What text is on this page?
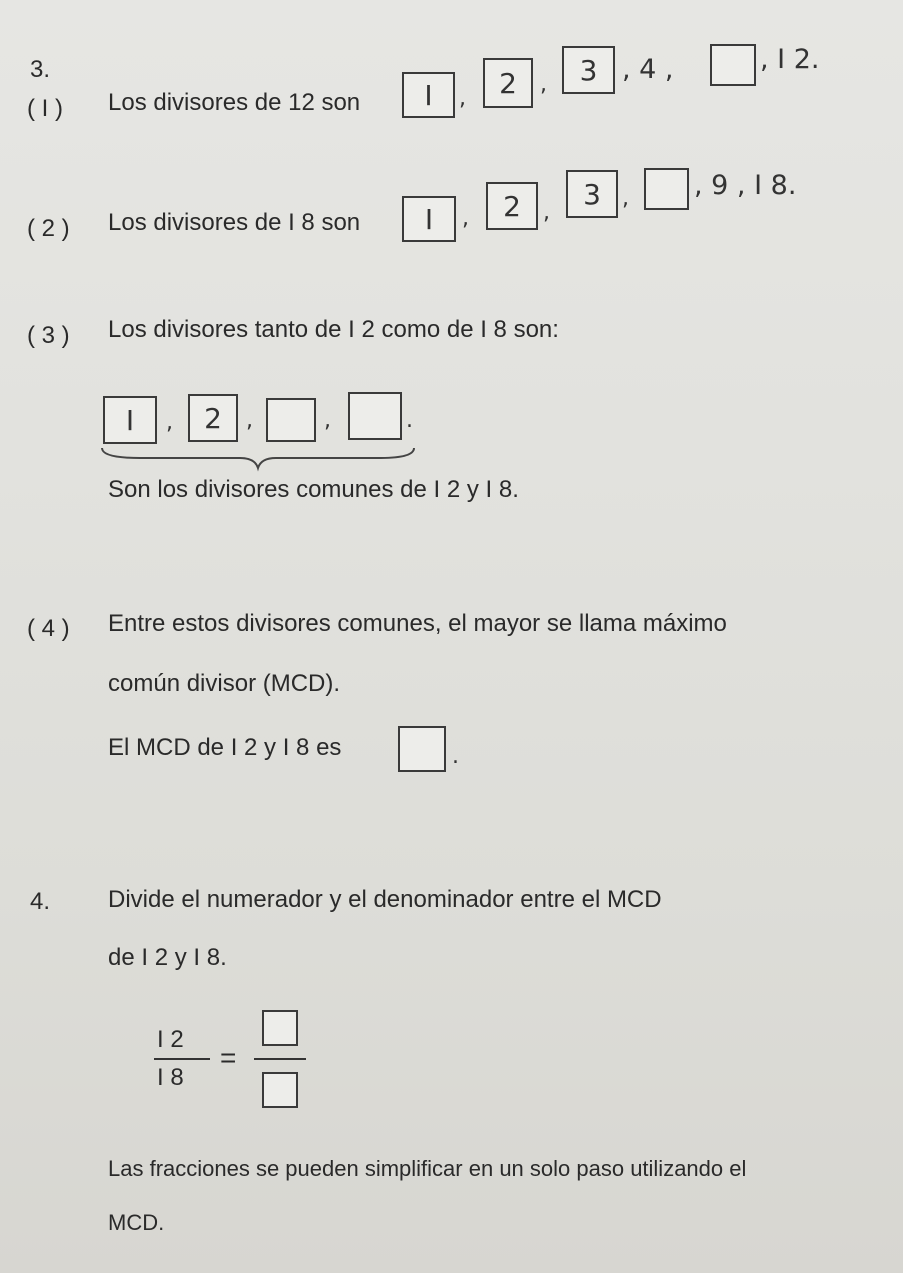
3.
( I ) Los divisores de 12 son	I	,	2	,	3 , 4 ,	, I 2.
( 2 ) Los divisores de I 8 son	I	,	2	,
3 , , 9 , I 8.
( 3 ) Los divisores tanto de I 2 como de I 8 son:
I	,	2	,	,	.
Son los divisores comunes de I 2 y I 8.
( 4 ) Entre estos divisores comunes, el mayor se llama máximo
común divisor (MCD).
El MCD de I 2 y I 8 es	.
4. Divide el numerador y el denominador entre el MCD
de I 2 y I 8.
I 2
I 8
=
Las fracciones se pueden simplificar en un solo paso utilizando el
MCD.
